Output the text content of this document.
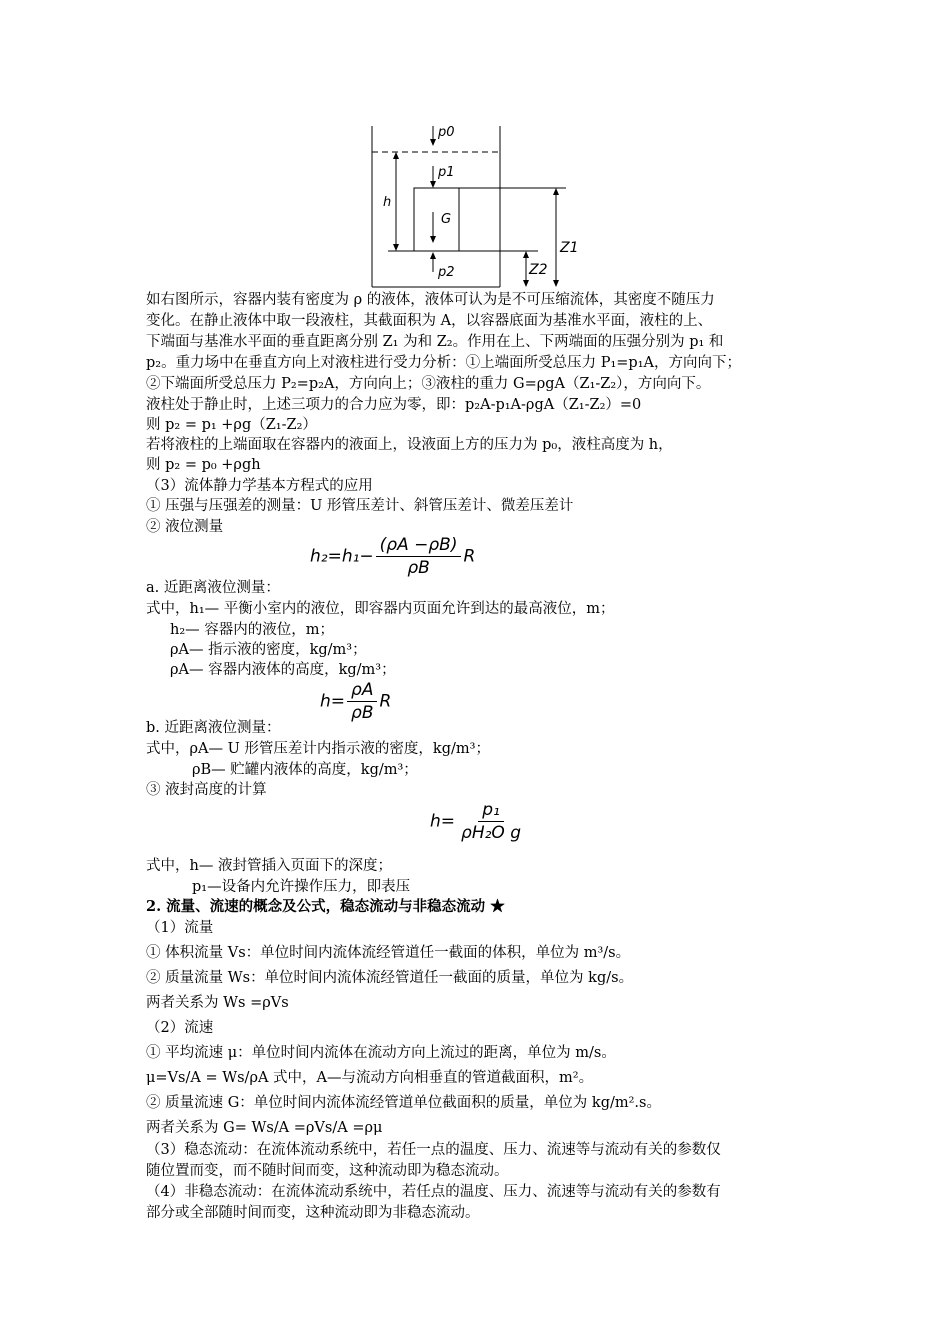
p0
p1
h
G
p2
Z1
Z2
如右图所示，容器内装有密度为 ρ 的液体，液体可认为是不可压缩流体，其密度不随压力
变化。在静止液体中取一段液柱，其截面积为 A，以容器底面为基准水平面，液柱的上、
下端面与基准水平面的垂直距离分别 Z₁ 为和 Z₂。作用在上、下两端面的压强分别为 p₁ 和
p₂。重力场中在垂直方向上对液柱进行受力分析：①上端面所受总压力 P₁=p₁A，方向向下；
②下端面所受总压力 P₂=p₂A，方向向上；③液柱的重力 G=ρgA（Z₁-Z₂），方向向下。
液柱处于静止时，上述三项力的合力应为零，即：p₂A-p₁A-ρgA（Z₁-Z₂）=0
则 p₂ = p₁ +ρg（Z₁-Z₂）
若将液柱的上端面取在容器内的液面上，设液面上方的压力为 p₀，液柱高度为 h，
则 p₂ = p₀ +ρgh
（3）流体静力学基本方程式的应用
① 压强与压强差的测量：U 形管压差计、斜管压差计、微差压差计
② 液位测量
$h_2=h_1- \frac{(\rho A -\rho B)}{\rho B}$ R
a. 近距离液位测量：
式中，h₁— 平衡小室内的液位，即容器内页面允许到达的最高液位，m；
h₂— 容器内的液位，m；
ρA— 指示液的密度，kg/m³；
ρA— 容器内液体的高度，kg/m³；
$h= \frac{\rho A}{\rho B}$ R
b. 近距离液位测量：
式中，ρA— U 形管压差计内指示液的密度，kg/m³；
ρB— 贮罐内液体的高度，kg/m³；
③ 液封高度的计算
$h= \frac{\text{p₁}}{\text{ρH₂O g}}$
式中，h— 液封管插入页面下的深度；
p₁—设备内允许操作压力，即表压
2. 流量、流速的概念及公式，稳态流动与非稳态流动 ★
（1）流量
① 体积流量 Vs：单位时间内流体流经管道任一截面的体积，单位为 m³/s。
② 质量流量 Ws：单位时间内流体流经管道任一截面的质量，单位为 kg/s。
两者关系为 Ws =ρVs
（2）流速
① 平均流速 μ：单位时间内流体在流动方向上流过的距离，单位为 m/s。
μ=Vs/A = Ws/ρA 式中，A—与流动方向相垂直的管道截面积，m²。
② 质量流速 G：单位时间内流体流经管道单位截面积的质量，单位为 kg/m².s。
两者关系为 G= Ws/A =ρVs/A =ρμ
（3）稳态流动：在流体流动系统中，若任一点的温度、压力、流速等与流动有关的参数仅
随位置而变，而不随时间而变，这种流动即为稳态流动。
（4）非稳态流动：在流体流动系统中，若任点的温度、压力、流速等与流动有关的参数有
部分或全部随时间而变，这种流动即为非稳态流动。
